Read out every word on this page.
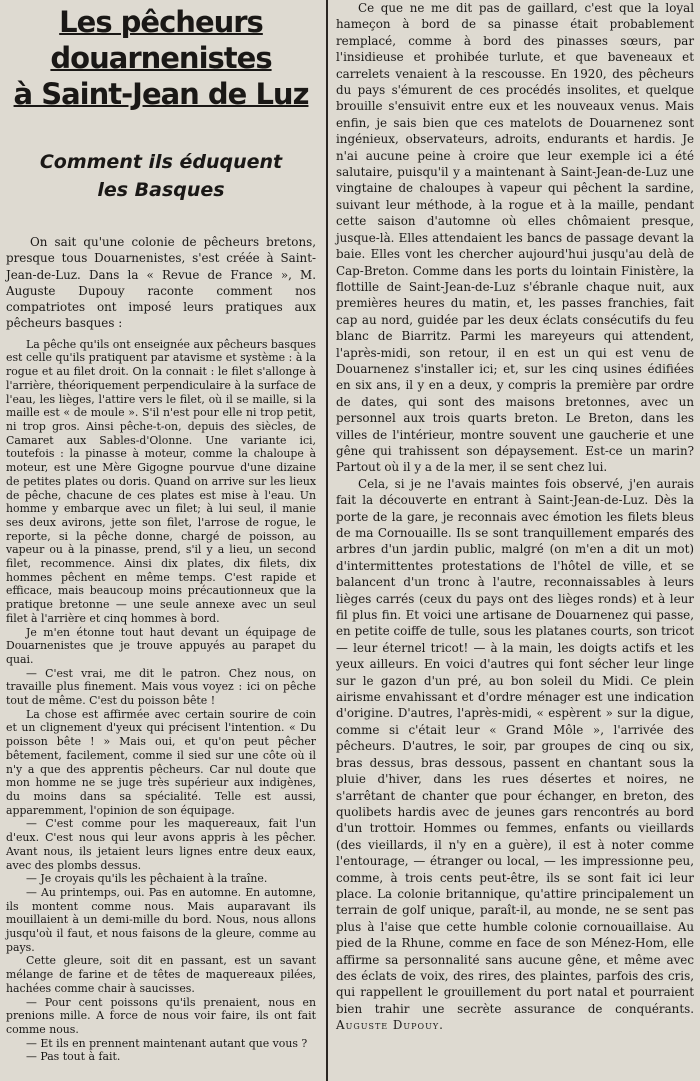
Les pêcheurs douarnenistes
à Saint-Jean de Luz
Comment ils éduquent
les Basques

On sait qu'une colonie de pêcheurs bretons, presque tous Douarnenistes, s'est créée à Saint-Jean-de-Luz. Dans la « Revue de France », M. Auguste Dupouy raconte comment nos compatriotes ont imposé leurs pratiques aux pêcheurs basques :

La pêche qu'ils ont enseignée aux pêcheurs basques est celle qu'ils pratiquent par atavisme et système : à la rogue et au filet droit. On la connait : le filet s'allonge à l'arrière, théoriquement perpendiculaire à la surface de l'eau, les lièges, l'attire vers le filet, où il se maille, si la maille est « de moule ». S'il n'est pour elle ni trop petit, ni trop gros. Ainsi pêche-t-on, depuis des siècles, de Camaret aux Sables-d'Olonne. Une variante ici, toutefois : la pinasse à moteur, comme la chaloupe à moteur, est une Mère Gigogne pourvue d'une dizaine de petites plates ou doris. Quand on arrive sur les lieux de pêche, chacune de ces plates est mise à l'eau. Un homme y embarque avec un filet; à lui seul, il manie ses deux avirons, jette son filet, l'arrose de rogue, le reporte, si la pêche donne, chargé de poisson, au vapeur ou à la pinasse, prend, s'il y a lieu, un second filet, recommence. Ainsi dix plates, dix filets, dix hommes pêchent en même temps. C'est rapide et efficace, mais beaucoup moins précautionneux que la pratique bretonne — une seule annexe avec un seul filet à l'arrière et cinq hommes à bord.

Je m'en étonne tout haut devant un équipage de Douarnenistes que je trouve appuyés au parapet du quai.

— C'est vrai, me dit le patron. Chez nous, on travaille plus finement. Mais vous voyez : ici on pêche tout de même. C'est du poisson bête !

La chose est affirmée avec certain sourire de coin et un clignement d'yeux qui précisent l'intention. « Du poisson bête ! » Mais oui, et qu'on peut pêcher bêtement, facilement, comme il sied sur une côte où il n'y a que des apprentis pêcheurs. Car nul doute que mon homme ne se juge très supérieur aux indigènes, du moins dans sa spécialité. Telle est aussi, apparemment, l'opinion de son équipage.

— C'est comme pour les maquereaux, fait l'un d'eux. C'est nous qui leur avons appris à les pêcher. Avant nous, ils jetaient leurs lignes entre deux eaux, avec des plombs dessus.

— Je croyais qu'ils les pêchaient à la traîne.

— Au printemps, oui. Pas en automne. En automne, ils montent comme nous. Mais auparavant ils mouillaient à un demi-mille du bord. Nous, nous allons jusqu'où il faut, et nous faisons de la gleure, comme au pays.

Cette gleure, soit dit en passant, est un savant mélange de farine et de têtes de maquereaux pilées, hachées comme chair à saucisses.

— Pour cent poissons qu'ils prenaient, nous en prenions mille. A force de nous voir faire, ils ont fait comme nous.

— Et ils en prennent maintenant autant que vous ?

— Pas tout à fait.

Ce que ne me dit pas de gaillard, c'est que la loyal hameçon à bord de sa pinasse était probablement remplacé, comme à bord des pinasses sœurs, par l'insidieuse et prohibée turlute, et que baveneaux et carrelets venaient à la rescousse. En 1920, des pêcheurs du pays s'émurent de ces procédés insolites, et quelque brouille s'ensuivit entre eux et les nouveaux venus. Mais enfin, je sais bien que ces matelots de Douarnenez sont ingénieux, observateurs, adroits, endurants et hardis. Je n'ai aucune peine à croire que leur exemple ici a été salutaire, puisqu'il y a maintenant à Saint-Jean-de-Luz une vingtaine de chaloupes à vapeur qui pêchent la sardine, suivant leur méthode, à la rogue et à la maille, pendant cette saison d'automne où elles chômaient presque, jusque-là. Elles attendaient les bancs de passage devant la baie. Elles vont les chercher aujourd'hui jusqu'au delà de Cap-Breton. Comme dans les ports du lointain Finistère, la flottille de Saint-Jean-de-Luz s'ébranle chaque nuit, aux premières heures du matin, et, les passes franchies, fait cap au nord, guidée par les deux éclats consécutifs du feu blanc de Biarritz. Parmi les mareyeurs qui attendent, l'après-midi, son retour, il en est un qui est venu de Douarnenez s'installer ici; et, sur les cinq usines édifiées en six ans, il y en a deux, y compris la première par ordre de dates, qui sont des maisons bretonnes, avec un personnel aux trois quarts breton. Le Breton, dans les villes de l'intérieur, montre souvent une gaucherie et une gêne qui trahissent son dépaysement. Est-ce un marin? Partout où il y a de la mer, il se sent chez lui.

Cela, si je ne l'avais maintes fois observé, j'en aurais fait la découverte en entrant à Saint-Jean-de-Luz. Dès la porte de la gare, je reconnais avec émotion les filets bleus de ma Cornouaille. Ils se sont tranquillement emparés des arbres d'un jardin public, malgré (on m'en a dit un mot) d'intermittentes protestations de l'hôtel de ville, et se balancent d'un tronc à l'autre, reconnaissables à leurs lièges carrés (ceux du pays ont des lièges ronds) et à leur fil plus fin. Et voici une artisane de Douarnenez qui passe, en petite coiffe de tulle, sous les platanes courts, son tricot — leur éternel tricot! — à la main, les doigts actifs et les yeux ailleurs. En voici d'autres qui font sécher leur linge sur le gazon d'un pré, au bon soleil du Midi. Ce plein airisme envahissant et d'ordre ménager est une indication d'origine. D'autres, l'après-midi, « espèrent » sur la digue, comme si c'était leur « Grand Môle », l'arrivée des pêcheurs. D'autres, le soir, par groupes de cinq ou six, bras dessus, bras dessous, passent en chantant sous la pluie d'hiver, dans les rues désertes et noires, ne s'arrêtant de chanter que pour échanger, en breton, des quolibets hardis avec de jeunes gars rencontrés au bord d'un trottoir. Hommes ou femmes, enfants ou vieillards (des vieillards, il n'y en a guère), il est à noter comme l'entourage, — étranger ou local, — les impressionne peu, comme, à trois cents peut-être, ils se sont fait ici leur place. La colonie britannique, qu'attire principalement un terrain de golf unique, paraît-il, au monde, ne se sent pas plus à l'aise que cette humble colonie cornouaillaise. Au pied de la Rhune, comme en face de son Ménez-Hom, elle affirme sa personnalité sans aucune gêne, et même avec des éclats de voix, des rires, des plaintes, parfois des cris, qui rappellent le grouillement du port natal et pourraient bien trahir une secrète assurance de conquérants. Auguste Dupouy.
